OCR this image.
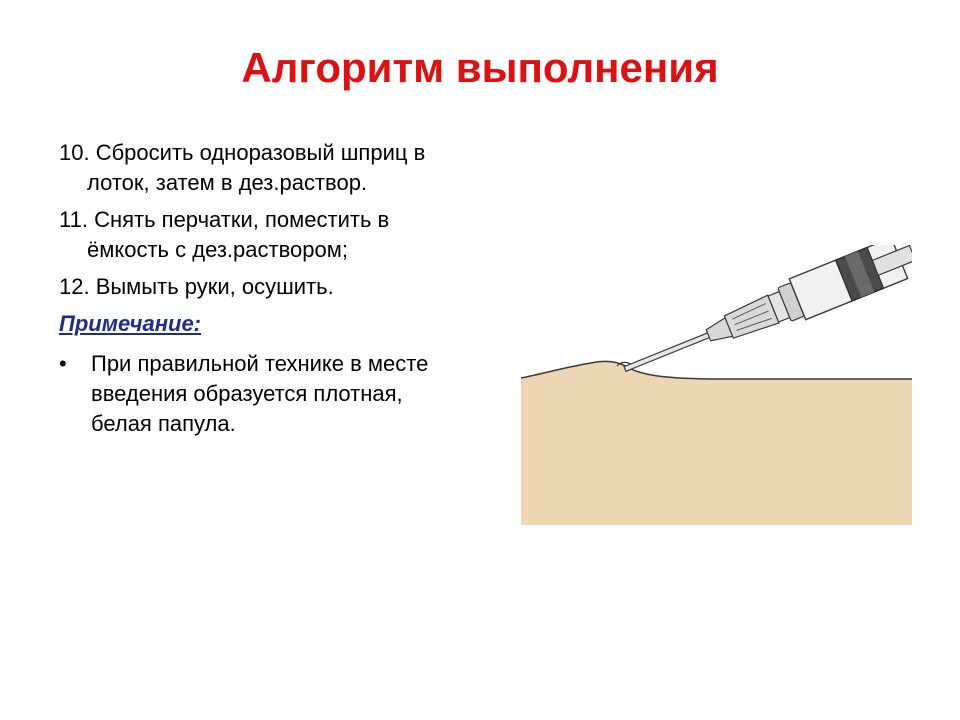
Алгоритм выполнения

10. Сбросить одноразовый шприц в лоток, затем в дез.раствор.

11. Снять перчатки, поместить в ёмкость с дез.раствором;

12. Вымыть руки, осушить.

Примечание:

• При правильной технике в месте введения образуется плотная, белая папула.
